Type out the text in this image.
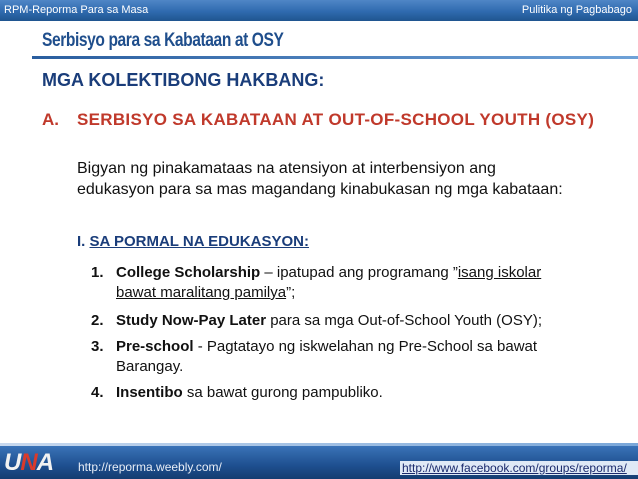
RPM-Reporma Para sa Masa	Pulitika ng Pagbabago
Serbisyo para sa Kabataan at OSY
MGA KOLEKTIBONG HAKBANG:
A. SERBISYO SA KABATAAN AT OUT-OF-SCHOOL YOUTH (OSY)
Bigyan ng pinakamataas na atensiyon at interbensiyon ang edukasyon para sa mas magandang kinabukasan ng mga kabataan:
I. SA PORMAL NA EDUKASYON:
1. College Scholarship – ipatupad ang programang ”isang iskolar
bawat maralitang pamilya”;
2. Study Now-Pay Later para sa mga Out-of-School Youth (OSY);
3. Pre-school - Pagtatayo ng iskwelahan ng Pre-School sa bawat
Barangay.
4. Insentibo sa bawat gurong pampubliko.
UNA	http://reporma.weebly.com/	http://www.facebook.com/groups/reporma/
